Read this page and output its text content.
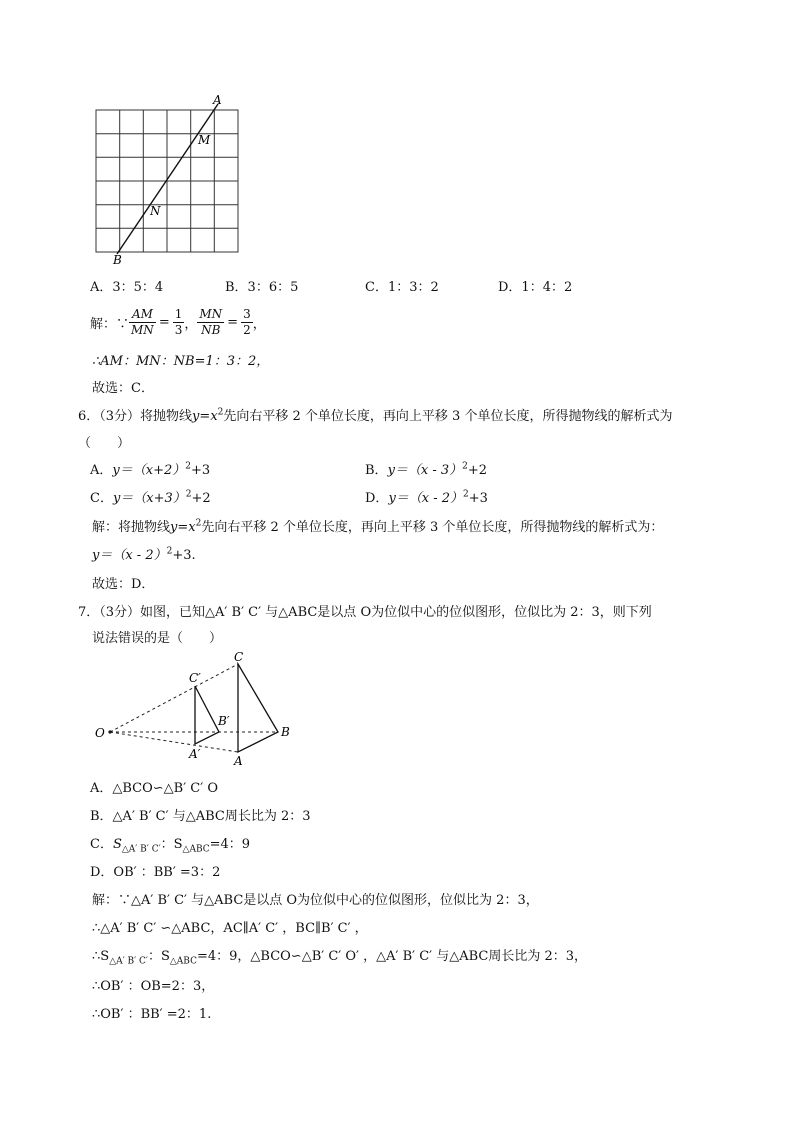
A
M
N
B
A．3：5：4	B．3：6：5	C．1：3：2	D．1：4：2
解：∵ $\frac{AM}{MN} = \frac{1}{3}$ ， $\frac{MN}{NB} = \frac{3}{2}$ ，
∴AM：MN：NB=1：3：2，
故选：C．
6．（3分）将抛物线$y=x^2$先向右平移 2 个单位长度，再向上平移 3 个单位长度，所得抛物线的解析式为
（　　）
A．$y=(x+2)^2+3$	B．y＝（x - 3）$^2$+2
C．$y=(x+3)^2+2$	D．y＝（x - 2）$^2$+3
解：将抛物线$y=x^2$先向右平移 2 个单位长度，再向上平移 3 个单位长度，所得抛物线的解析式为：
y＝（x - 2）$^2$+3.
故选：D．
7．（3分）如图，已知△A′ B′ C′ 与△ABC是以点 O为位似中心的位似图形，位似比为 2：3，则下列
说法错误的是（　　）
O
C
B
A
C′
B′
A′
A．△BCO∽△B′ C′ O
B．△A′ B′ C′ 与△ABC周长比为 2：3
C．$S_{\triangle A' B' C'}$：$S_{\triangle ABC}=4$：9
D．OB′ ：BB′ =3：2
解：∵△A′ B′ C′ 与△ABC是以点 O为位似中心的位似图形，位似比为 2：3，
∴△A′ B′ C′ ∽△ABC，AC∥A′ C′ ，BC∥B′ C′ ，
$\therefore S_{\triangle A' B' C'}$：$S_{\triangle ABC}=4$：9，△BCO∽△B′ C′ O′ ，△A′ B′ C′ 与△ABC周长比为 2：3，
∴OB′ ：OB=2：3，
∴OB′ ：BB′ =2：1.
